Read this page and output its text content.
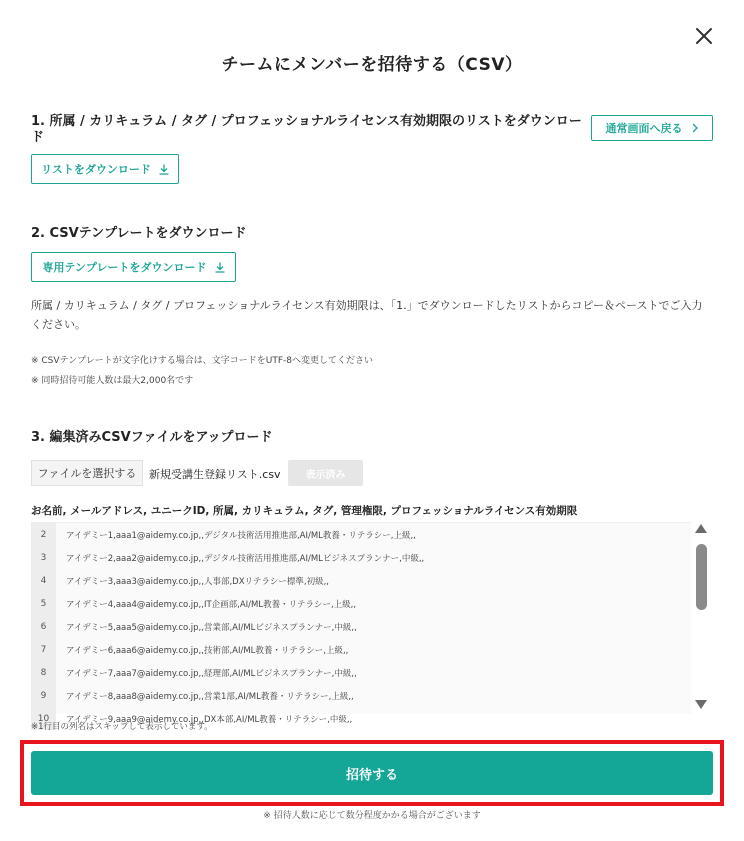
チームにメンバーを招待する（CSV）
1. 所属 / カリキュラム / タグ / プロフェッショナルライセンス有効期限のリストをダウンロード
通常画面へ戻る
リストをダウンロード
2. CSVテンプレートをダウンロード
専用テンプレートをダウンロード
所属 / カリキュラム / タグ / プロフェッショナルライセンス有効期限は、「1.」でダウンロードしたリストからコピー＆ペーストでご入力ください。
※ CSVテンプレートが文字化けする場合は、文字コードをUTF-8へ変更してください
※ 同時招待可能人数は最大2,000名です
3. 編集済みCSVファイルをアップロード
ファイルを選択する	新規受講生登録リスト.csv	表示済み
お名前, メールアドレス, ユニークID, 所属, カリキュラム, タグ, 管理権限, プロフェッショナルライセンス有効期限
2	アイデミー1,aaa1@aidemy.co.jp,,デジタル技術活用推進部,AI/ML教養・リテラシー,上級,,
3	アイデミー2,aaa2@aidemy.co.jp,,デジタル技術活用推進部,AI/MLビジネスプランナー,中級,,
4	アイデミー3,aaa3@aidemy.co.jp,,人事部,DXリテラシー標準,初級,,
5	アイデミー4,aaa4@aidemy.co.jp,,IT企画部,AI/ML教養・リテラシー,上級,,
6	アイデミー5,aaa5@aidemy.co.jp,,営業部,AI/MLビジネスプランナー,中級,,
7	アイデミー6,aaa6@aidemy.co.jp,,技術部,AI/ML教養・リテラシー,上級,,
8	アイデミー7,aaa7@aidemy.co.jp,,経理部,AI/MLビジネスプランナー,中級,,
9	アイデミー8,aaa8@aidemy.co.jp,,営業1部,AI/ML教養・リテラシー,上級,,
10	アイデミー9,aaa9@aidemy.co.jp,,DX本部,AI/ML教養・リテラシー,中級,,
※1行目の列名はスキップして表示しています。
招待する
※ 招待人数に応じて数分程度かかる場合がございます
